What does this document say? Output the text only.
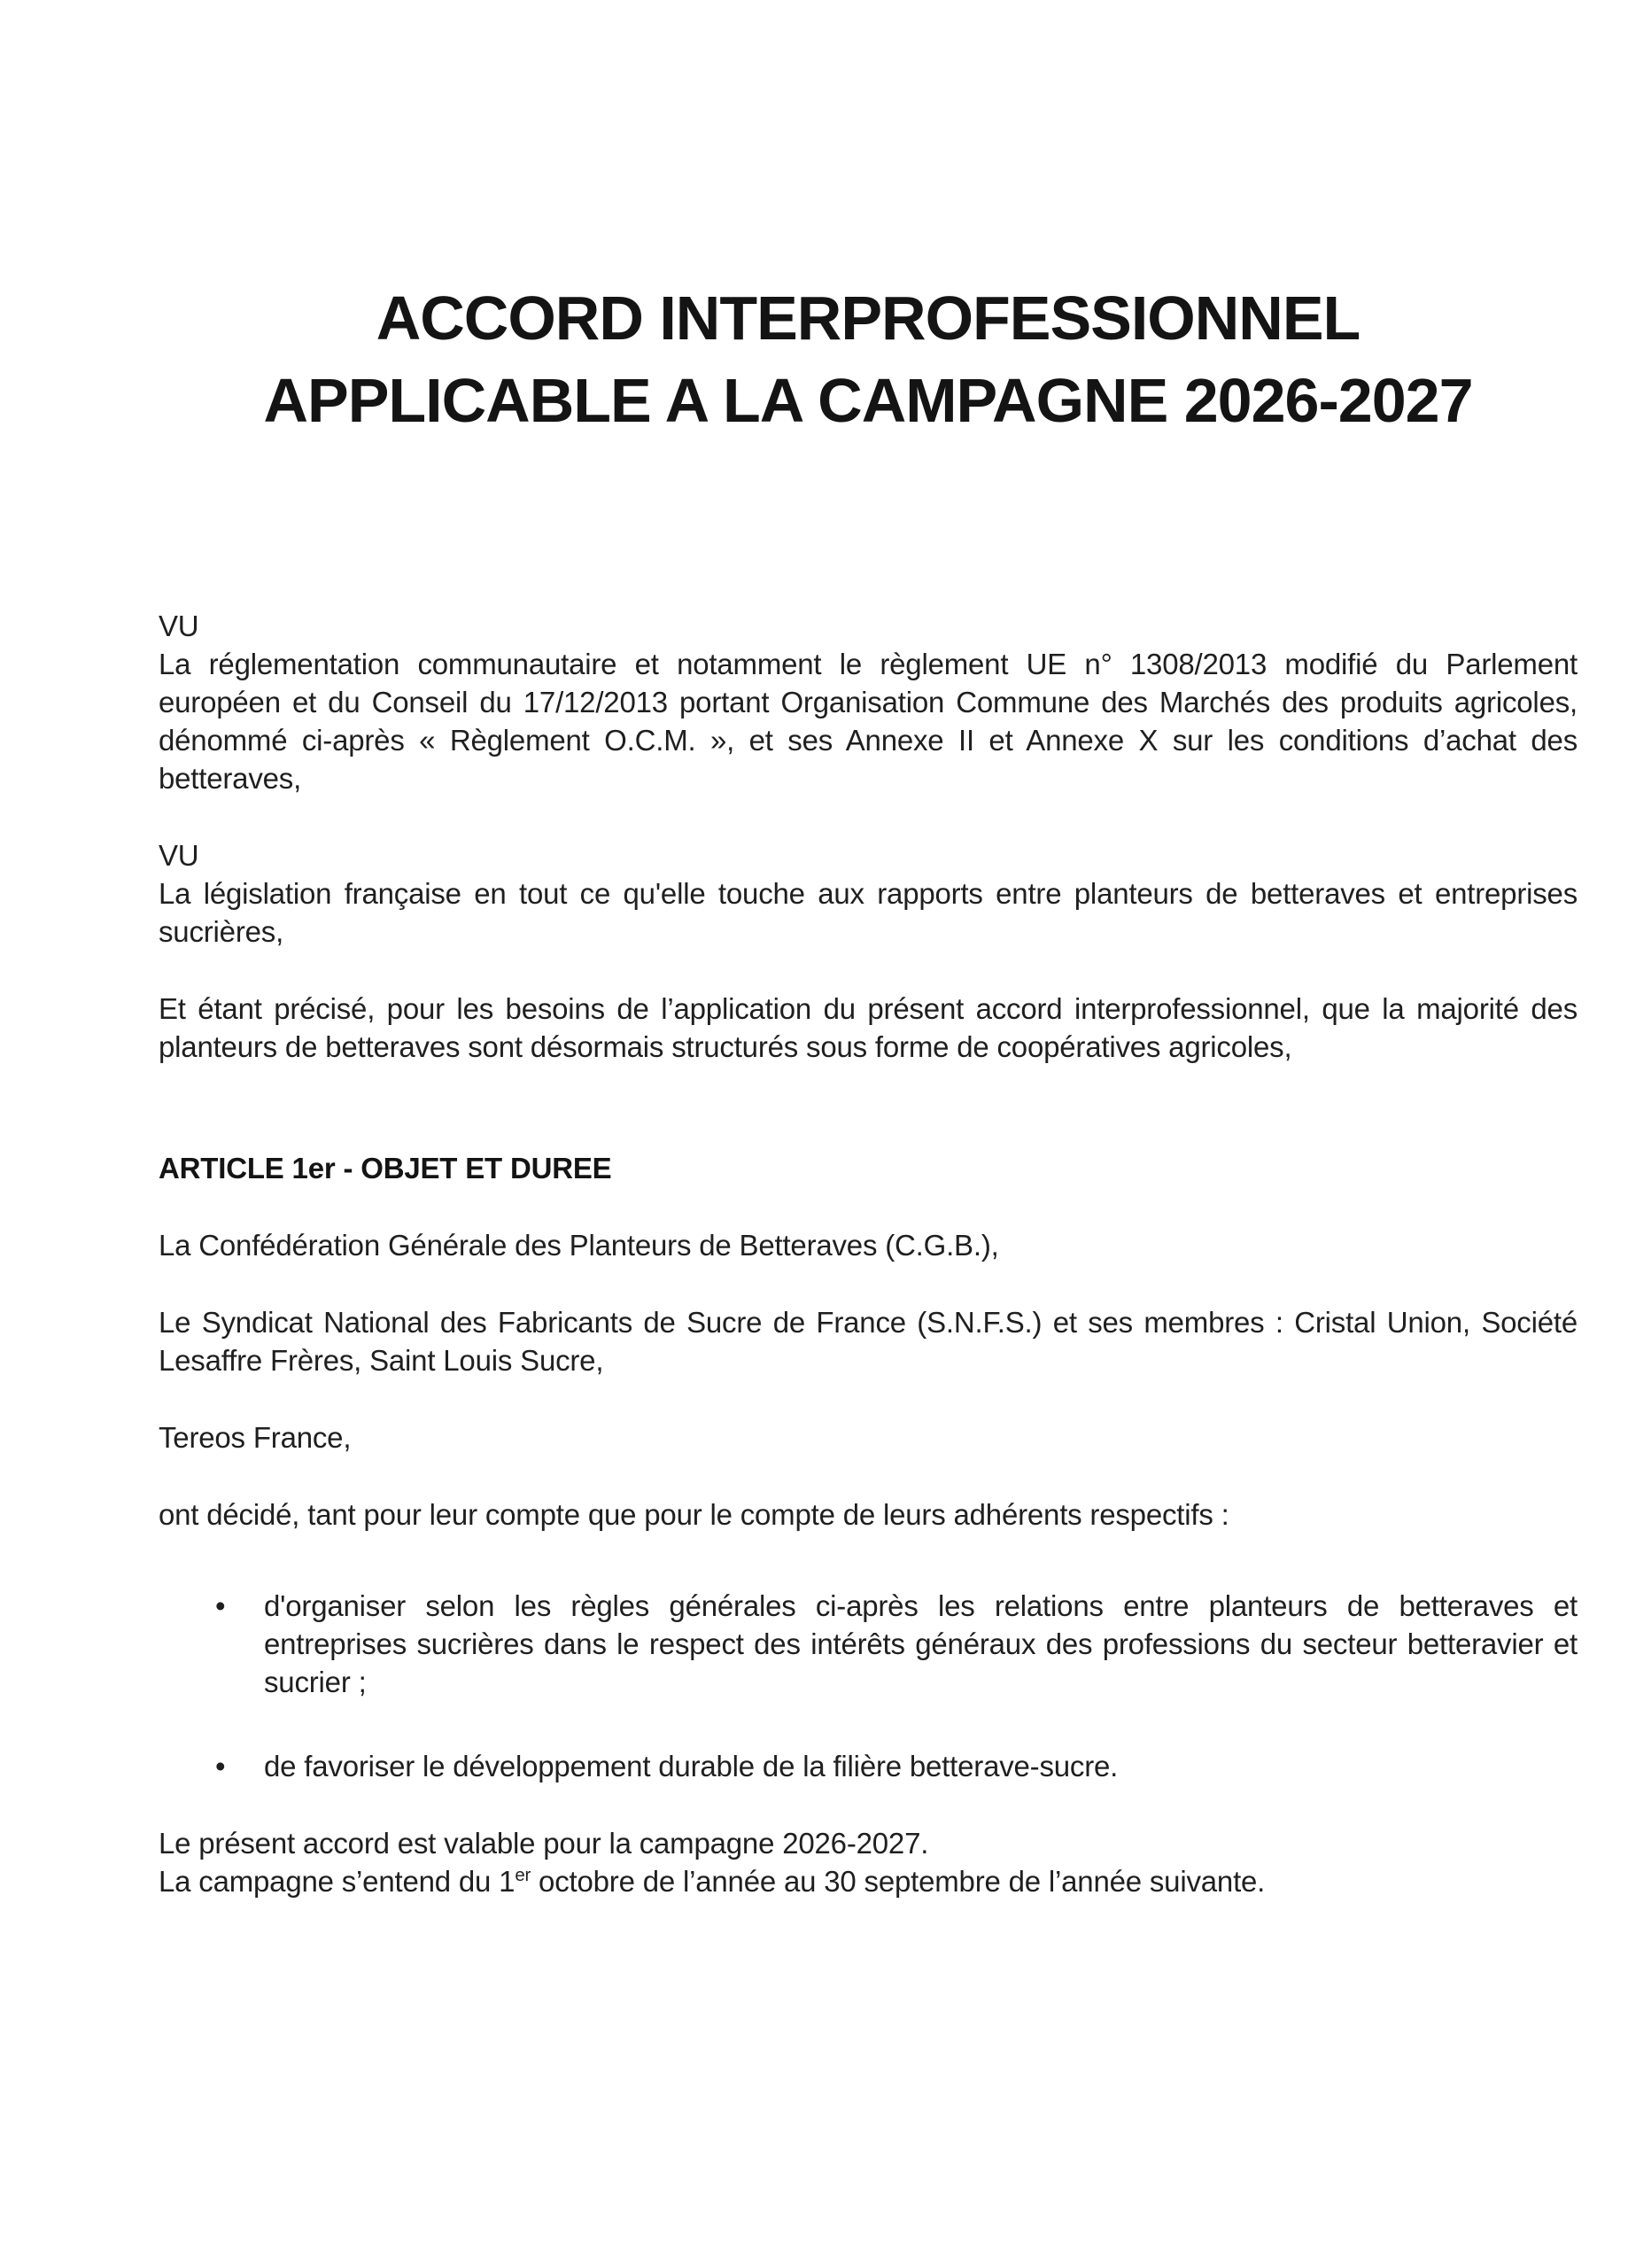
ACCORD INTERPROFESSIONNEL
APPLICABLE A LA CAMPAGNE 2026-2027

VU
La réglementation communautaire et notamment le règlement UE n° 1308/2013 modifié du Parlement européen et du Conseil du 17/12/2013 portant Organisation Commune des Marchés des produits agricoles, dénommé ci-après « Règlement O.C.M. », et ses Annexe II et Annexe X sur les conditions d’achat des betteraves,

VU
La législation française en tout ce qu'elle touche aux rapports entre planteurs de betteraves et entreprises sucrières,

Et étant précisé, pour les besoins de l’application du présent accord interprofessionnel, que la majorité des planteurs de betteraves sont désormais structurés sous forme de coopératives agricoles,

ARTICLE 1er - OBJET ET DUREE

La Confédération Générale des Planteurs de Betteraves (C.G.B.),

Le Syndicat National des Fabricants de Sucre de France (S.N.F.S.) et ses membres : Cristal Union, Société Lesaffre Frères, Saint Louis Sucre,

Tereos France,

ont décidé, tant pour leur compte que pour le compte de leurs adhérents respectifs :

• d'organiser selon les règles générales ci-après les relations entre planteurs de betteraves et entreprises sucrières dans le respect des intérêts généraux des professions du secteur betteravier et sucrier ;
• de favoriser le développement durable de la filière betterave-sucre.

Le présent accord est valable pour la campagne 2026-2027.
La campagne s’entend du 1er octobre de l’année au 30 septembre de l’année suivante.
